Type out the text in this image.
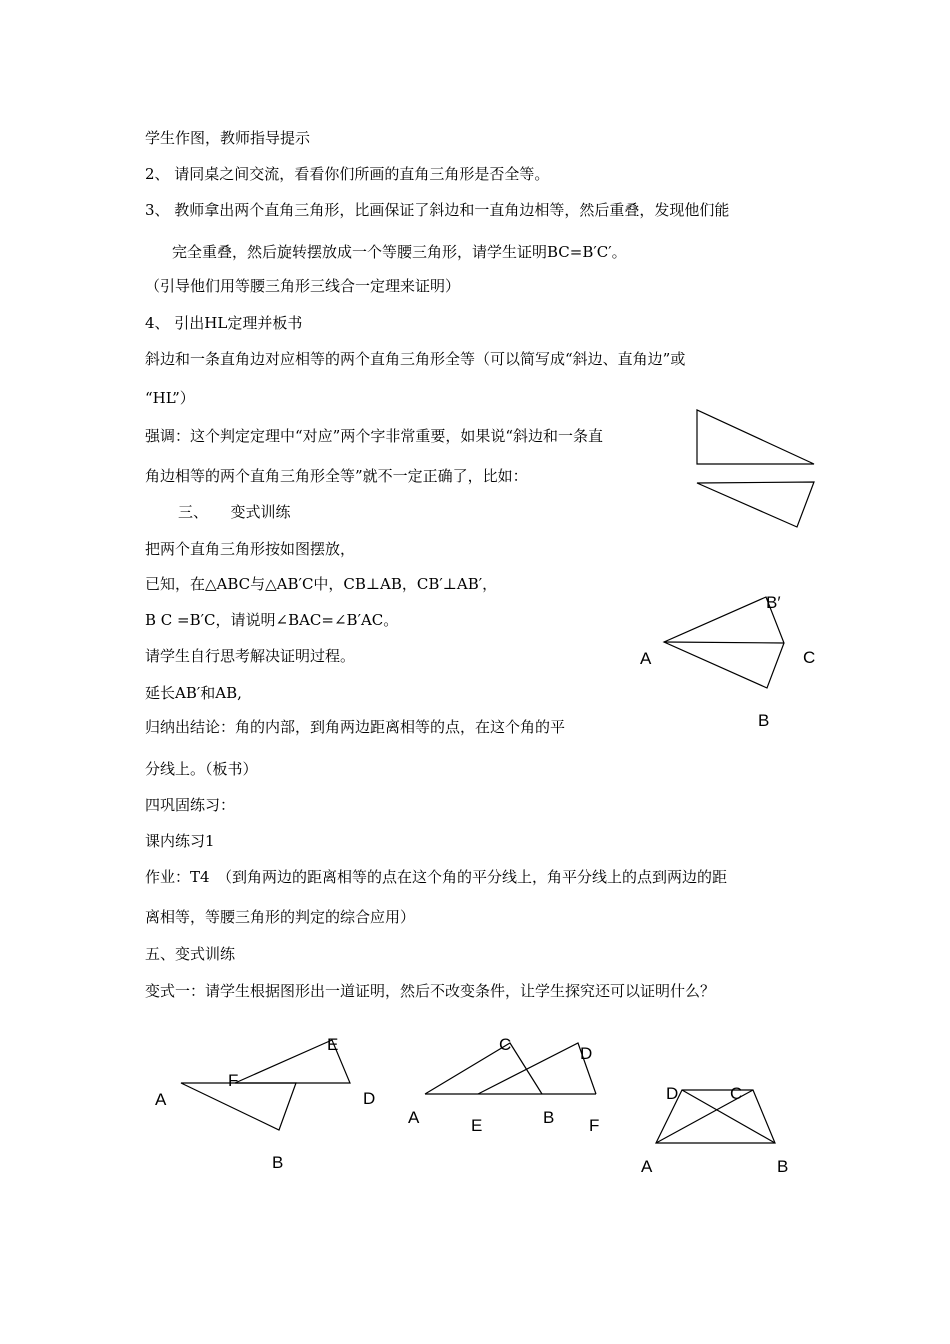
学生作图，教师指导提示

2、 请同桌之间交流，看看你们所画的直角三角形是否全等。

3、 教师拿出两个直角三角形，比画保证了斜边和一直角边相等，然后重叠，发现他们能

完全重叠，然后旋转摆放成一个等腰三角形，请学生证明BC=B′C′。

（引导他们用等腰三角形三线合一定理来证明）

4、 引出HL定理并板书

斜边和一条直角边对应相等的两个直角三角形全等（可以简写成“斜边、直角边”或

“HL”）

强调：这个判定定理中“对应”两个字非常重要，如果说“斜边和一条直

角边相等的两个直角三角形全等”就不一定正确了，比如：

三、　　变式训练

把两个直角三角形按如图摆放，

已知，在△ABC与△AB′C中，CB⊥AB，CB′⊥AB′，

B C =B′C，请说明∠BAC=∠B′AC。

请学生自行思考解决证明过程。

延长AB′和AB,

归纳出结论：角的内部，到角两边距离相等的点，在这个角的平

分线上。（板书）

四巩固练习：

课内练习1

作业：T4　（到角两边的距离相等的点在这个角的平分线上，角平分线上的点到两边的距

离相等，等腰三角形的判定的综合应用）

五、变式训练

变式一：请学生根据图形出一道证明，然后不改变条件，让学生探究还可以证明什么？

B′

A	C

B

E

F

A	D

B

C	D

A	E	B F

D	C

A	B
